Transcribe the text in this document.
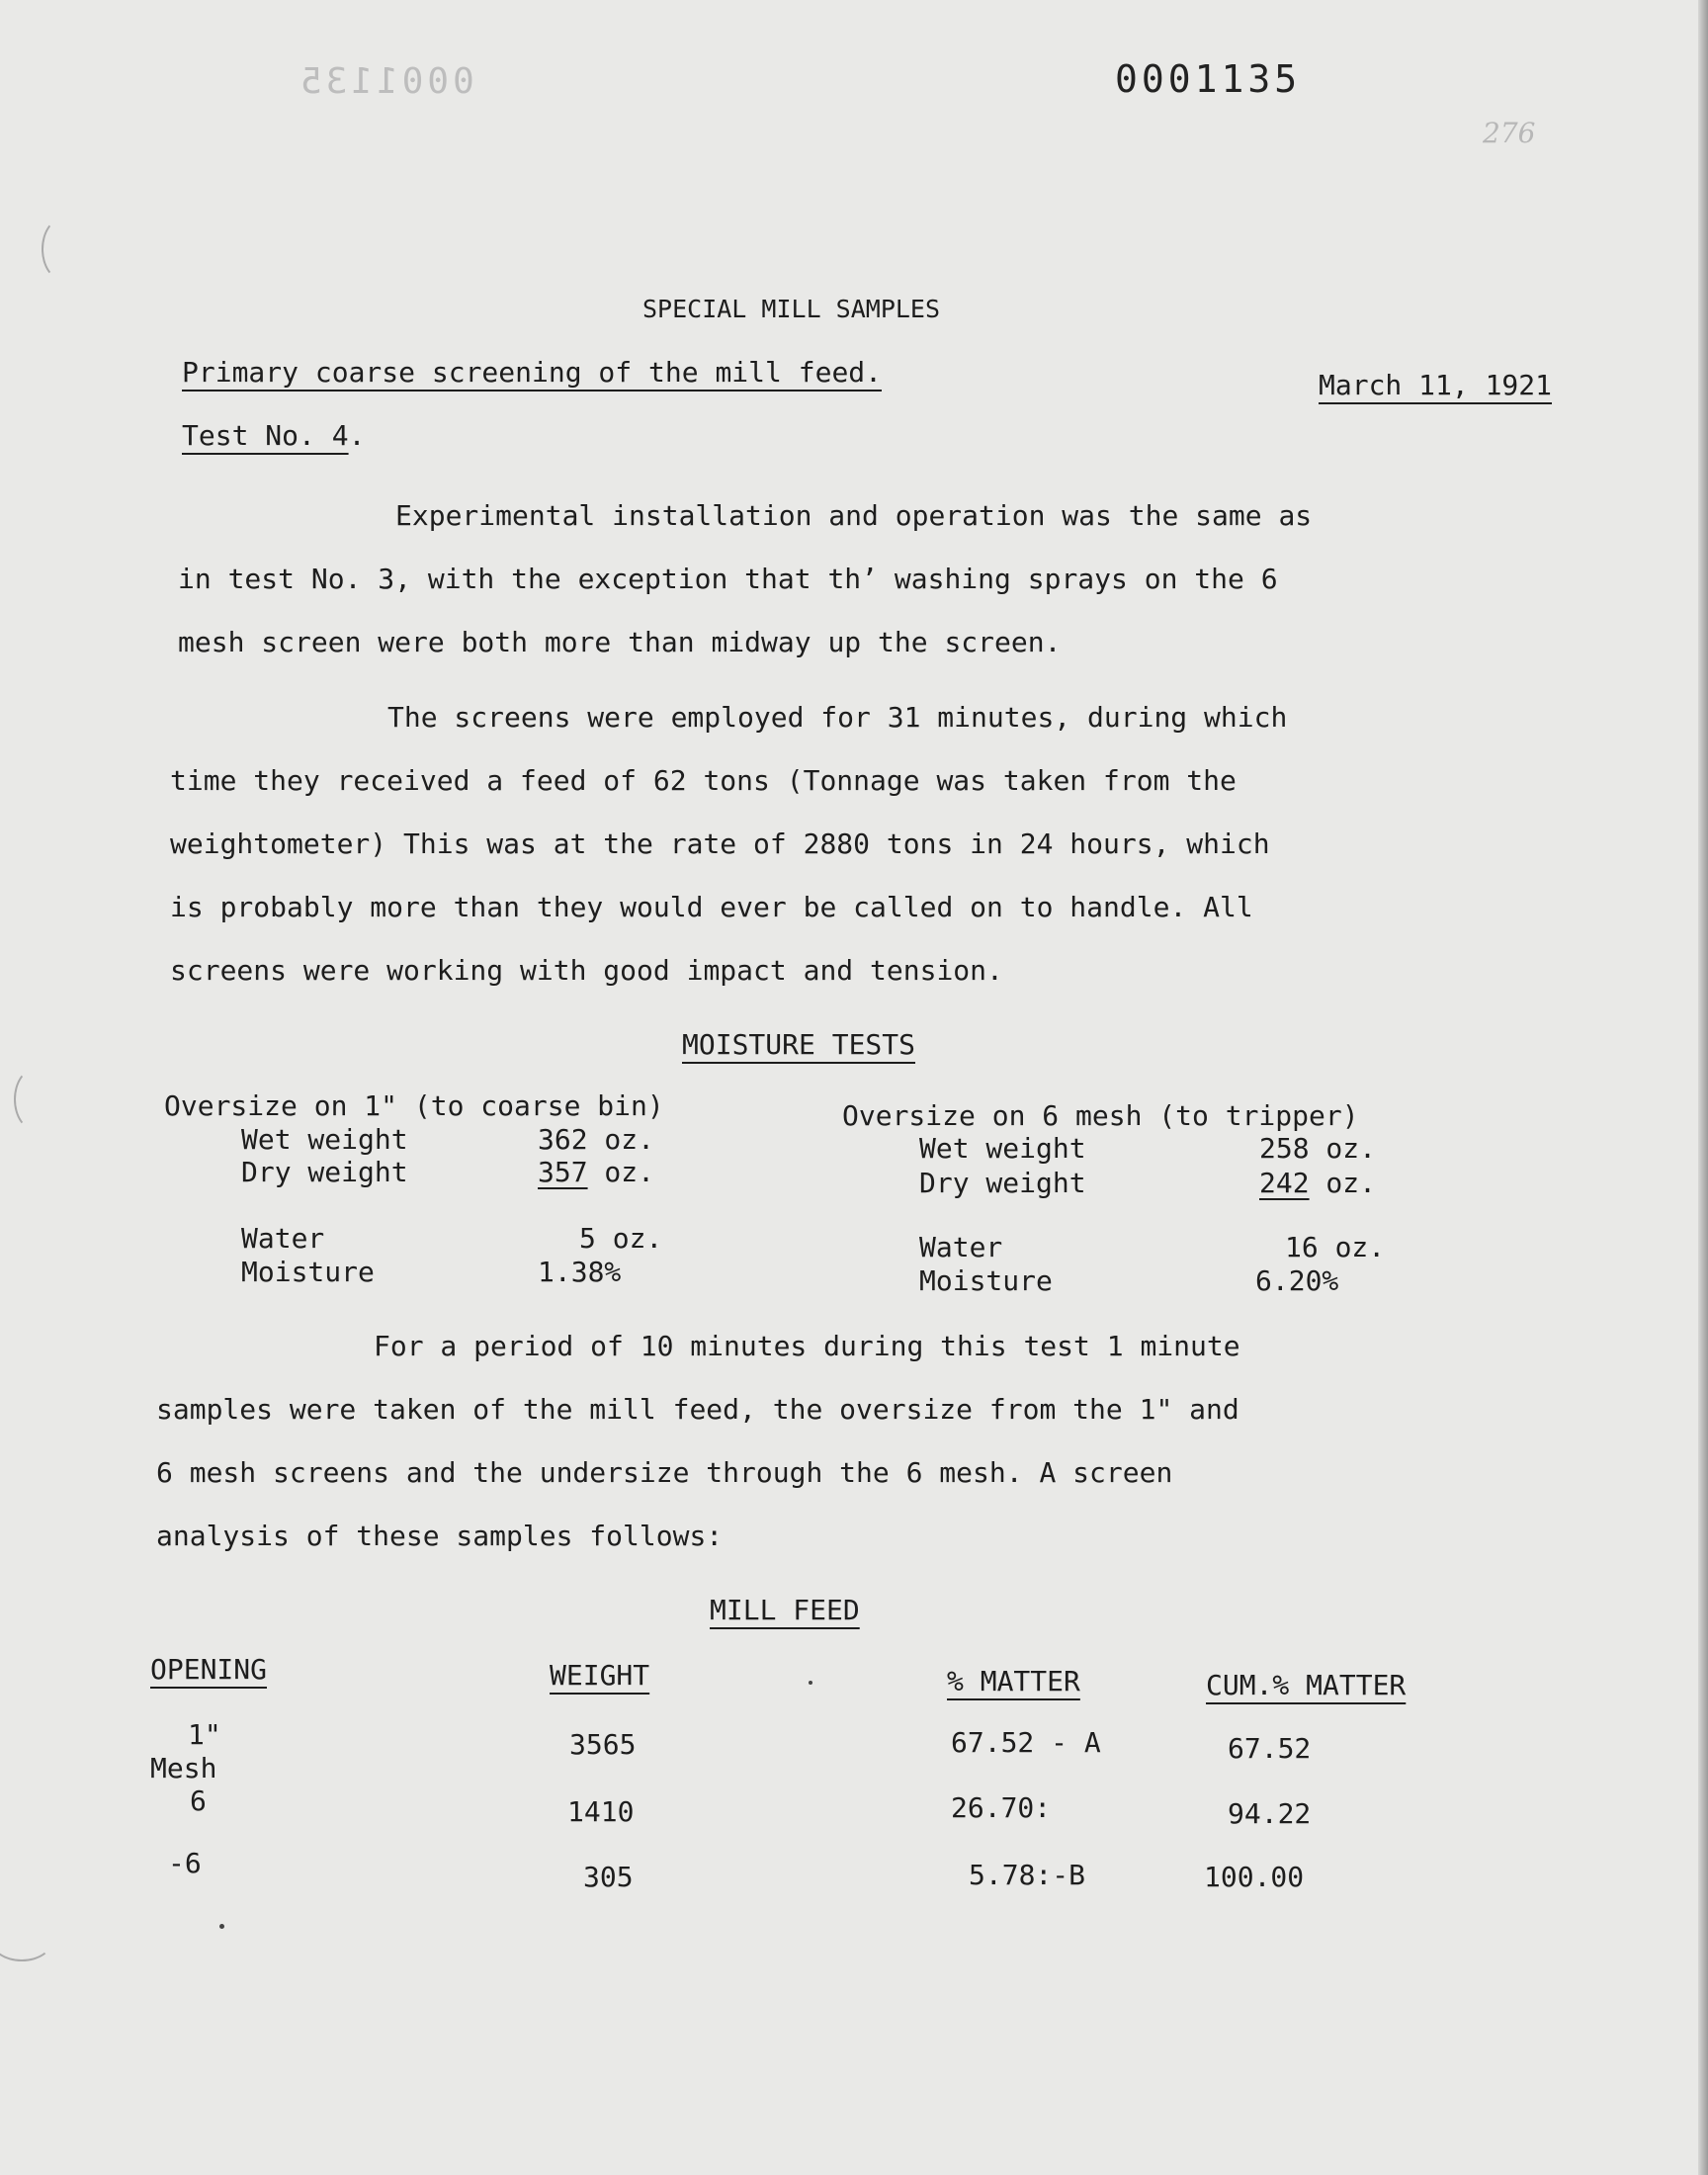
0001135	0001135
276
SPECIAL MILL SAMPLES
Primary coarse screening of the mill feed.	March 11, 1921
Test No. 4.
Experimental installation and operation was the same as
in test No. 3, with the exception that th’ washing sprays on the 6
mesh screen were both more than midway up the screen.
The screens were employed for 31 minutes, during which
time they received a feed of 62 tons (Tonnage was taken from the
weightometer) This was at the rate of 2880 tons in 24 hours, which
is probably more than they would ever be called on to handle. All
screens were working with good impact and tension.
MOISTURE TESTS
Oversize on 1" (to coarse bin)
Wet weight	362 oz.
Dry weight	357 oz.
Water	5 oz.
Moisture	1.38%
Oversize on 6 mesh (to tripper)
Wet weight	258 oz.
Dry weight	242 oz.
Water	16 oz.
Moisture	6.20%
For a period of 10 minutes during this test 1 minute
samples were taken of the mill feed, the oversize from the 1" and
6 mesh screens and the undersize through the 6 mesh. A screen
analysis of these samples follows:
MILL FEED
OPENING	WEIGHT	% MATTER	CUM.% MATTER
1"	3565	67.52 - A	67.52
Mesh
6	1410	26.70:	94.22
-6	305	5.78:-B	100.00
